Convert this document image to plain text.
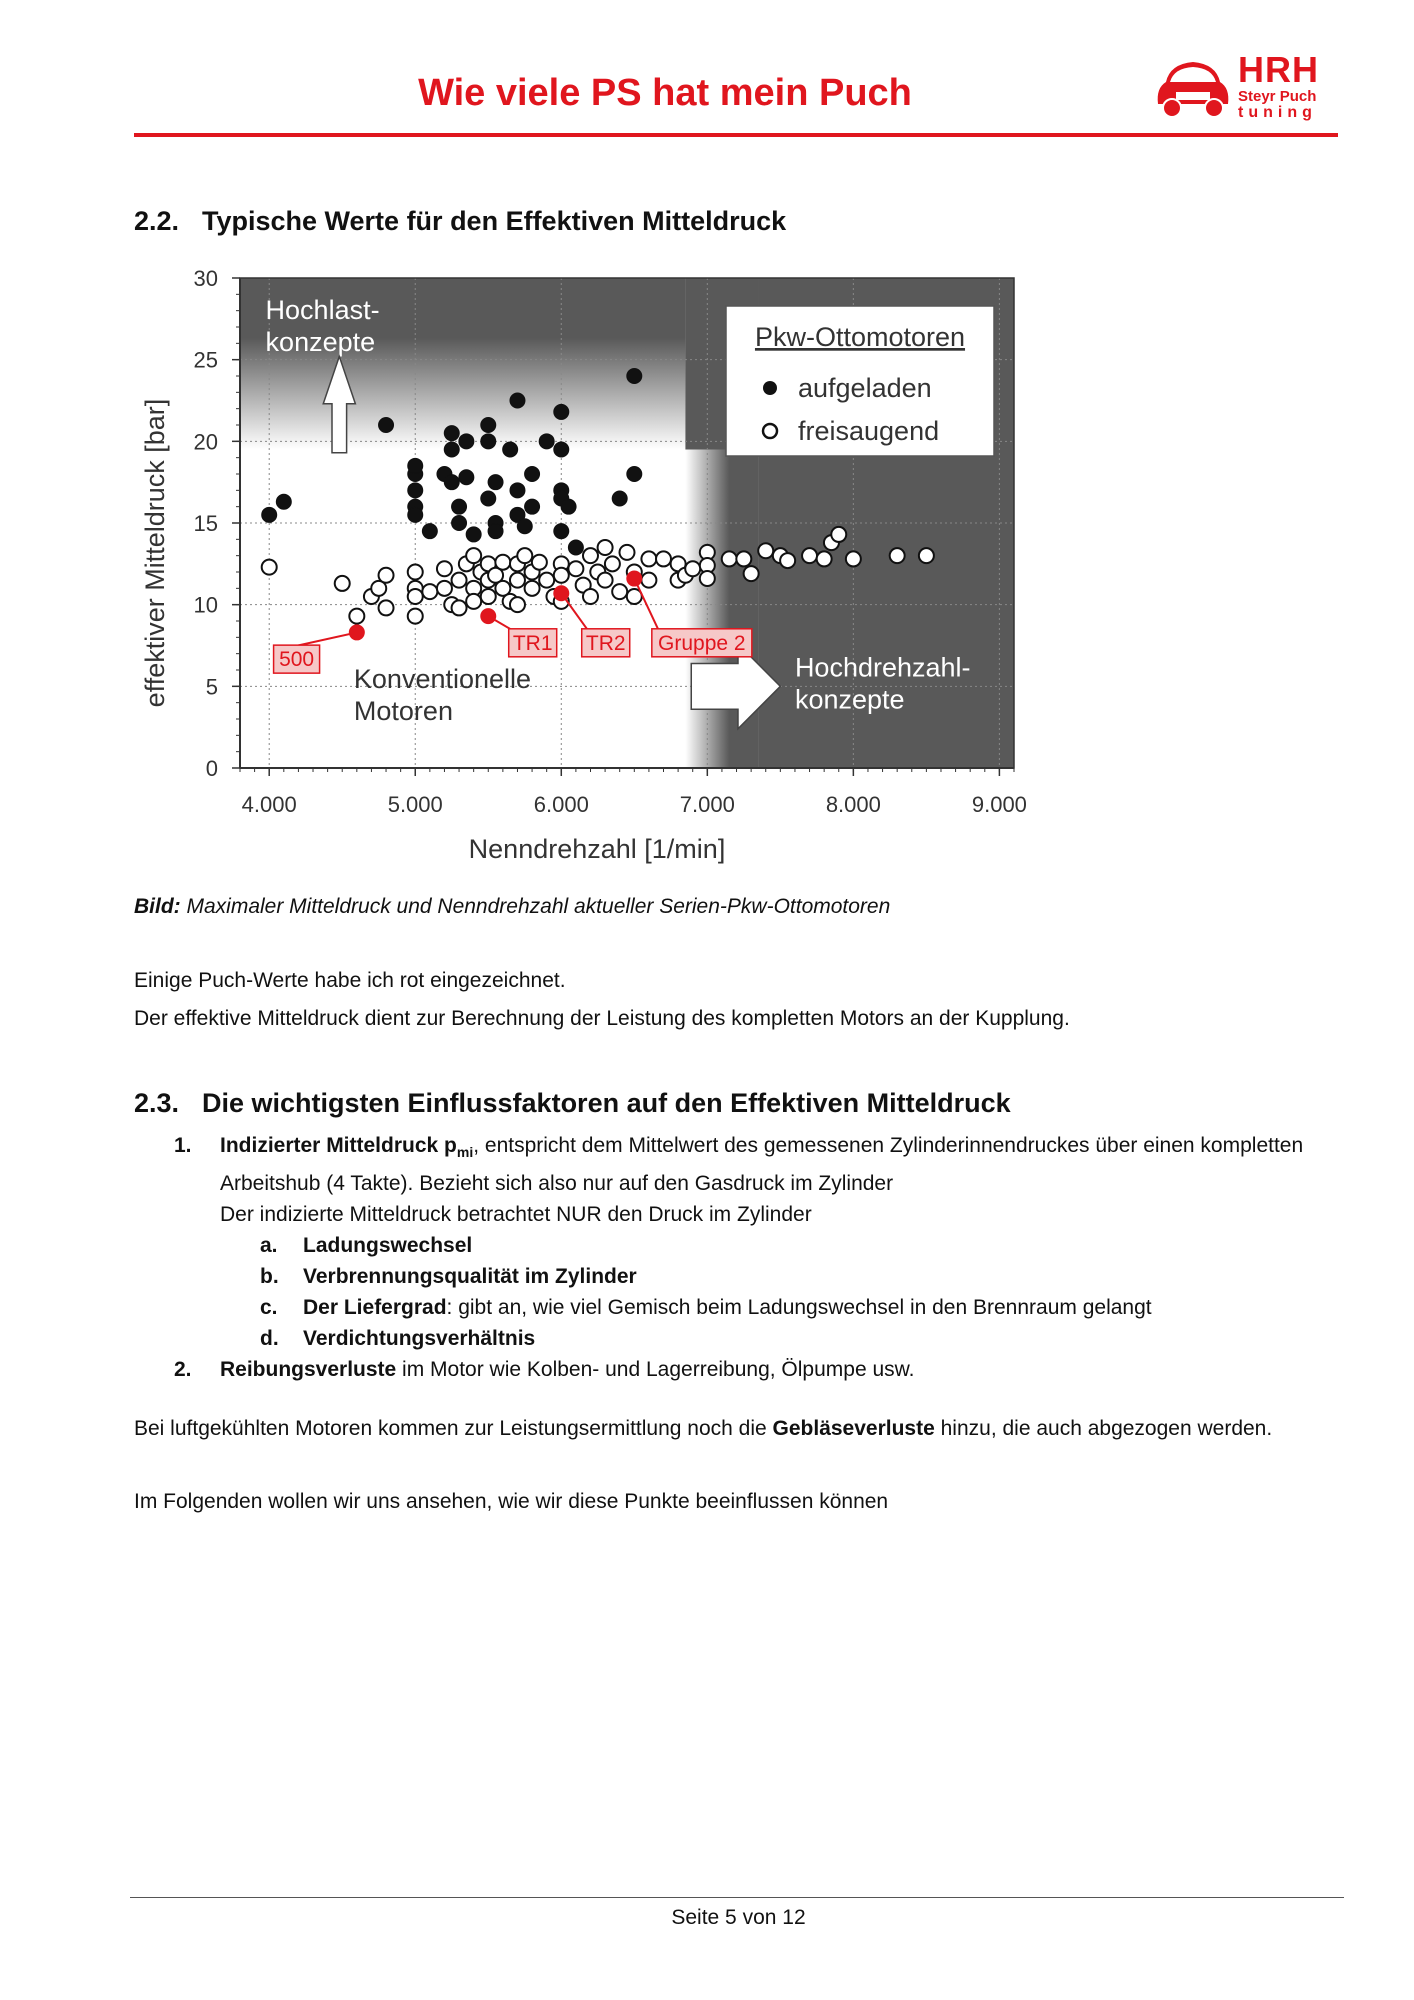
Wie viele PS hat mein Puch
HRH
Steyr Puch
tuning
2.2. Typische Werte für den Effektiven Mitteldruck
Hochlast-konzepte
Konventionelle Motoren
Hochdrehzahl-konzepte
500
TR1 TR2 Gruppe 2
0
5
10
15
20
25
30
4.000	5.000	6.000	7.000	8.000	9.000
Nenndrehzahl [1/min]
effektiver Mitteldruck [bar]
Pkw-Ottomotoren
aufgeladen
freisaugend
Bild: Maximaler Mitteldruck und Nenndrehzahl aktueller Serien-Pkw-Ottomotoren
Einige Puch-Werte habe ich rot eingezeichnet.
Der effektive Mitteldruck dient zur Berechnung der Leistung des kompletten Motors an der Kupplung.
2.3. Die wichtigsten Einflussfaktoren auf den Effektiven Mitteldruck
1. Indizierter Mitteldruck $p_{mi}$, entspricht dem Mittelwert des gemessenen Zylinderinnendruckes über einen kompletten Arbeitshub (4 Takte). Bezieht sich also nur auf den Gasdruck im Zylinder
Der indizierte Mitteldruck betrachtet NUR den Druck im Zylinder
a. Ladungswechsel
b. Verbrennungsqualität im Zylinder
c. Der Liefergrad: gibt an, wie viel Gemisch beim Ladungswechsel in den Brennraum gelangt
d. Verdichtungsverhältnis
2. Reibungsverluste im Motor wie Kolben- und Lagerreibung, Ölpumpe usw.
Bei luftgekühlten Motoren kommen zur Leistungsermittlung noch die Gebläseverluste hinzu, die auch abgezogen werden.
Im Folgenden wollen wir uns ansehen, wie wir diese Punkte beeinflussen können
Seite 5 von 12
